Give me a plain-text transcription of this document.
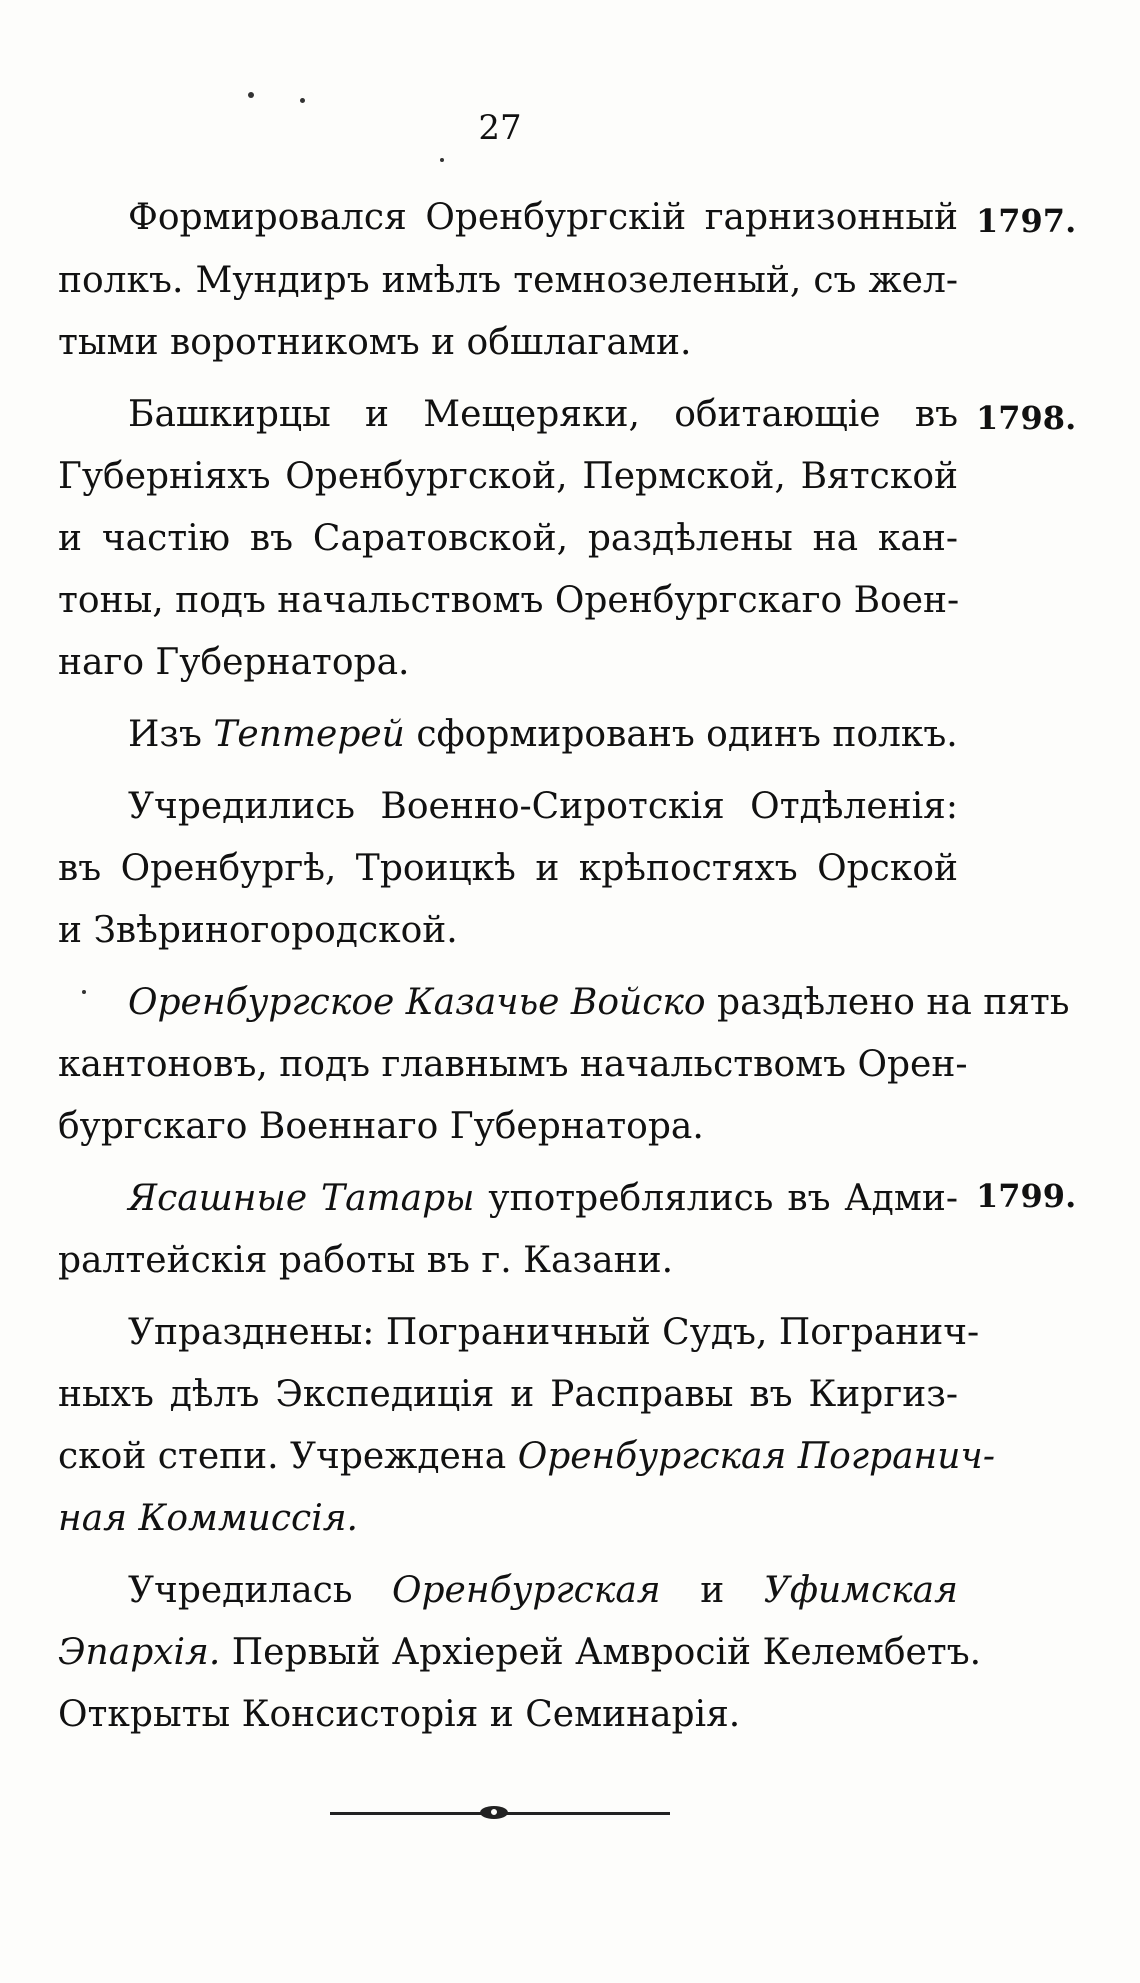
27
Формировался Оренбургскій гарнизонный 1797.
полкъ. Мундиръ имѣлъ темнозеленый, съ жел-
тыми воротникомъ и обшлагами.
Башкирцы и Мещеряки, обитающіе въ 1798.
Губерніяхъ Оренбургской, Пермской, Вятской
и частію въ Саратовской, раздѣлены на кан-
тоны, подъ начальствомъ Оренбургскаго Воен-
наго Губернатора.
Изъ Тептерей сформированъ одинъ полкъ.
Учредились Военно-Сиротскія Отдѣленія:
въ Оренбургѣ, Троицкѣ и крѣпостяхъ Орской
и Звѣриногородской.
Оренбургское Казачье Войско раздѣлено на пять
кантоновъ, подъ главнымъ начальствомъ Орен-
бургскаго Военнаго Губернатора.
Ясашные Татары употреблялись въ Адми- 1799.
ралтейскія работы въ г. Казани.
Упразднены: Пограничный Судъ, Погранич-
ныхъ дѣлъ Экспедиція и Расправы въ Киргиз-
ской степи. Учреждена Оренбургская Погранич-
ная Коммиссія.
Учредилась Оренбургская и Уфимская
Эпархія. Первый Архіерей Амвросій Келембетъ.
Открыты Консисторія и Семинарія.
